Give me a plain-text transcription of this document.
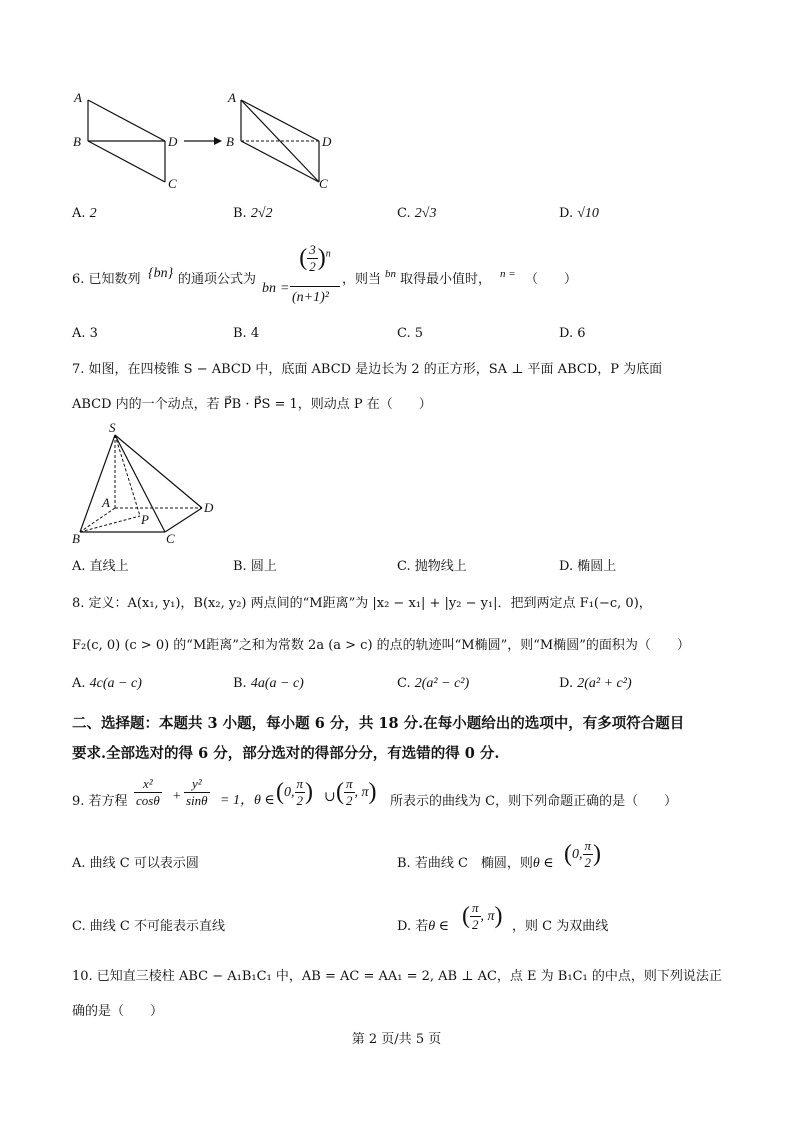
A
B	D
C
A
B	D
C
A. 2	B. 2√2	C. 2√3	D. √10
6. 已知数列 {bn} 的通项公式为
bn =
( $\frac{3}{2} )^n$
(n+1)²
，则当 bn 取得最小值时， n = （　　）
A. 3	B. 4	C. 5	D. 6
7. 如图，在四棱锥 S − ABCD 中，底面 ABCD 是边长为 2 的正方形，SA ⊥ 平面 ABCD，P 为底面
ABCD 内的一个动点，若 P⃗B · P⃗S = 1，则动点 P 在（　　）
S
A
P
D
B	C
A. 直线上	B. 圆上	C. 抛物线上	D. 椭圆上
8. 定义：A(x₁, y₁)，B(x₂, y₂) 两点间的“M距离”为 |x₂ − x₁| + |y₂ − y₁|．把到两定点 F₁(−c, 0)，
F₂(c, 0) (c > 0) 的“M距离”之和为常数 2a (a > c) 的点的轨迹叫“M椭圆”，则“M椭圆”的面积为（　　）
A. 4c(a − c)	B. 4a(a − c)	C. 2(a² − c²)	D. 2(a² + c²)
二、选择题：本题共 3 小题，每小题 6 分，共 18 分.在每小题给出的选项中，有多项符合题目
要求.全部选对的得 6 分，部分选对的得部分分，有选错的得 0 分.
9. 若方程 $\frac{\text{x²}}{\cos\theta} + \frac{\text{y²}}{\sin\theta} = 1$，θ ∈ (0, $\frac{\pi}{2}$ ) ∪ ( $\frac{\pi}{2}$ , π) 所表示的曲线为 C，则下列命题正确的是（　　）
A. 曲线 C 可以表示圆	B. 若曲线 C　椭圆，则θ ∈ (0, $\frac{\pi}{2}$ )
C. 曲线 C 不可能表示直线	D. 若θ ∈ ( $\frac{\pi}{2}$ , π) ，则 C 为双曲线
10. 已知直三棱柱 ABC − A₁B₁C₁ 中，AB = AC = AA₁ = 2, AB ⊥ AC，点 E 为 B₁C₁ 的中点，则下列说法正
确的是（　　）
第 2 页/共 5 页
